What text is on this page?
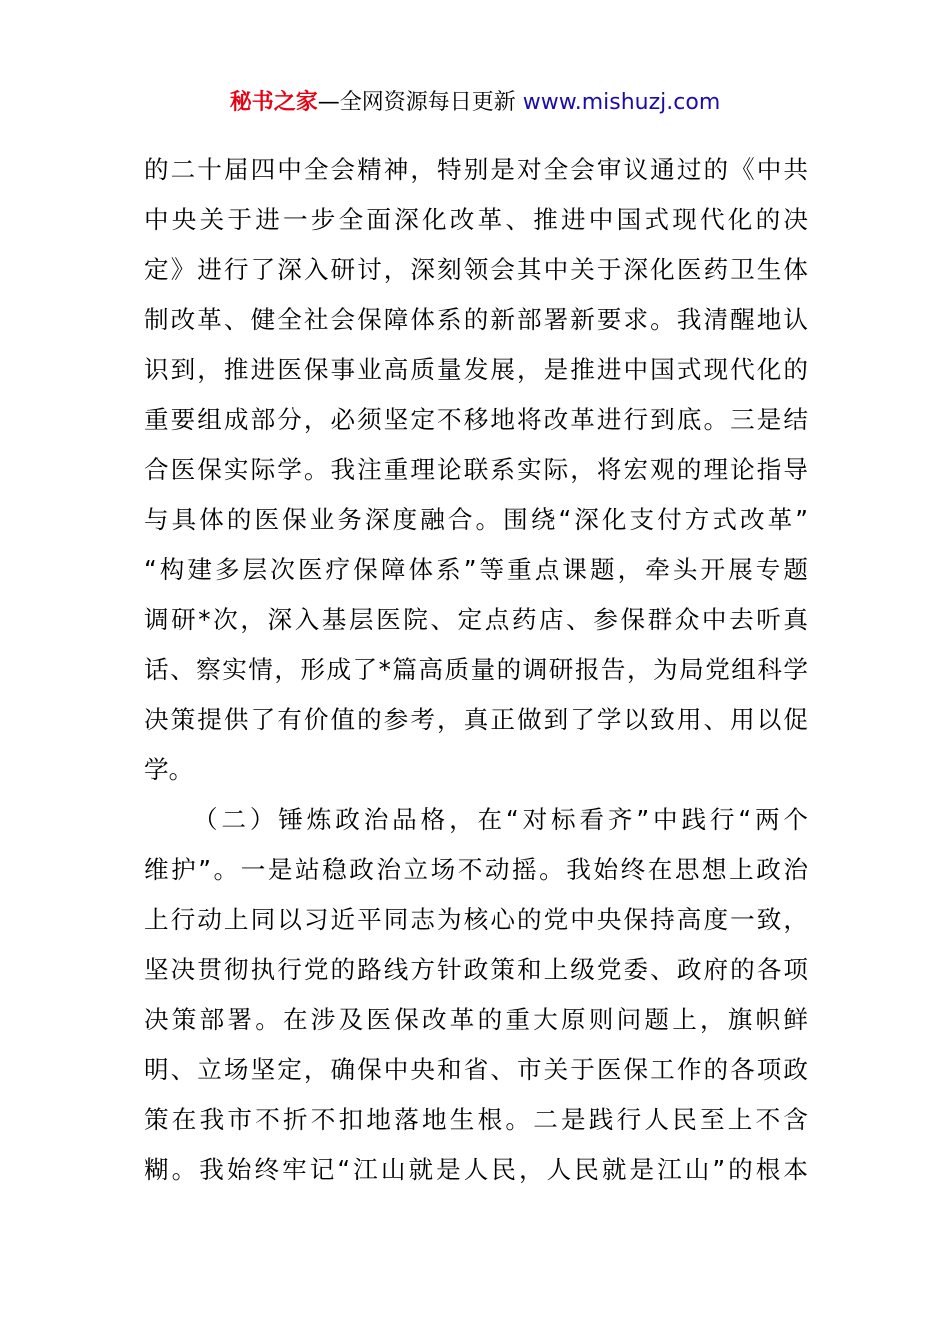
秘书之家—全网资源每日更新 www.mishuzj.com
的二十届四中全会精神，特别是对全会审议通过的《中共
中央关于进一步全面深化改革、推进中国式现代化的决
定》进行了深入研讨，深刻领会其中关于深化医药卫生体
制改革、健全社会保障体系的新部署新要求。我清醒地认
识到，推进医保事业高质量发展，是推进中国式现代化的
重要组成部分，必须坚定不移地将改革进行到底。三是结
合医保实际学。我注重理论联系实际，将宏观的理论指导
与具体的医保业务深度融合。围绕“深化支付方式改革”
“构建多层次医疗保障体系”等重点课题，牵头开展专题
调研*次，深入基层医院、定点药店、参保群众中去听真
话、察实情，形成了*篇高质量的调研报告，为局党组科学
决策提供了有价值的参考，真正做到了学以致用、用以促
学。
（二）锤炼政治品格，在“对标看齐”中践行“两个
维护”。一是站稳政治立场不动摇。我始终在思想上政治
上行动上同以习近平同志为核心的党中央保持高度一致，
坚决贯彻执行党的路线方针政策和上级党委、政府的各项
决策部署。在涉及医保改革的重大原则问题上，旗帜鲜
明、立场坚定，确保中央和省、市关于医保工作的各项政
策在我市不折不扣地落地生根。二是践行人民至上不含
糊。我始终牢记“江山就是人民，人民就是江山”的根本
